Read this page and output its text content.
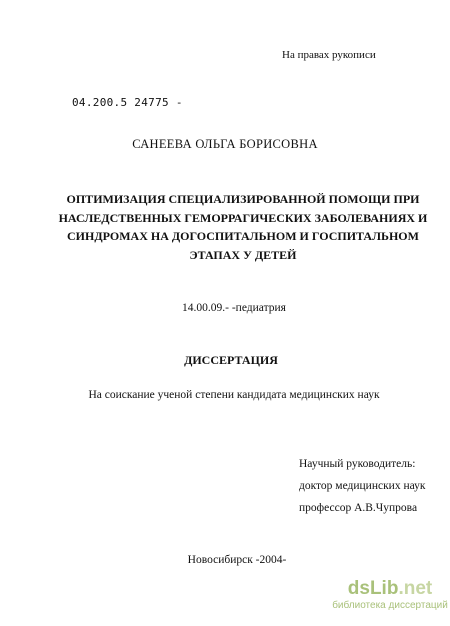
На правах рукописи
04.200.5 24775 -
САНЕЕВА ОЛЬГА БОРИСОВНА
ОПТИМИЗАЦИЯ СПЕЦИАЛИЗИРОВАННОЙ ПОМОЩИ ПРИ
НАСЛЕДСТВЕННЫХ ГЕМОРРАГИЧЕСКИХ ЗАБОЛЕВАНИЯХ И
СИНДРОМАХ НА ДОГОСПИТАЛЬНОМ И ГОСПИТАЛЬНОМ
ЭТАПАХ У ДЕТЕЙ
14.00.09.- -педиатрия
ДИССЕРТАЦИЯ
На соискание ученой степени кандидата медицинских наук
Научный руководитель:
доктор медицинских наук
профессор А.В.Чупрова
Новосибирск -2004-
dsLib.net
библиотека диссертаций
